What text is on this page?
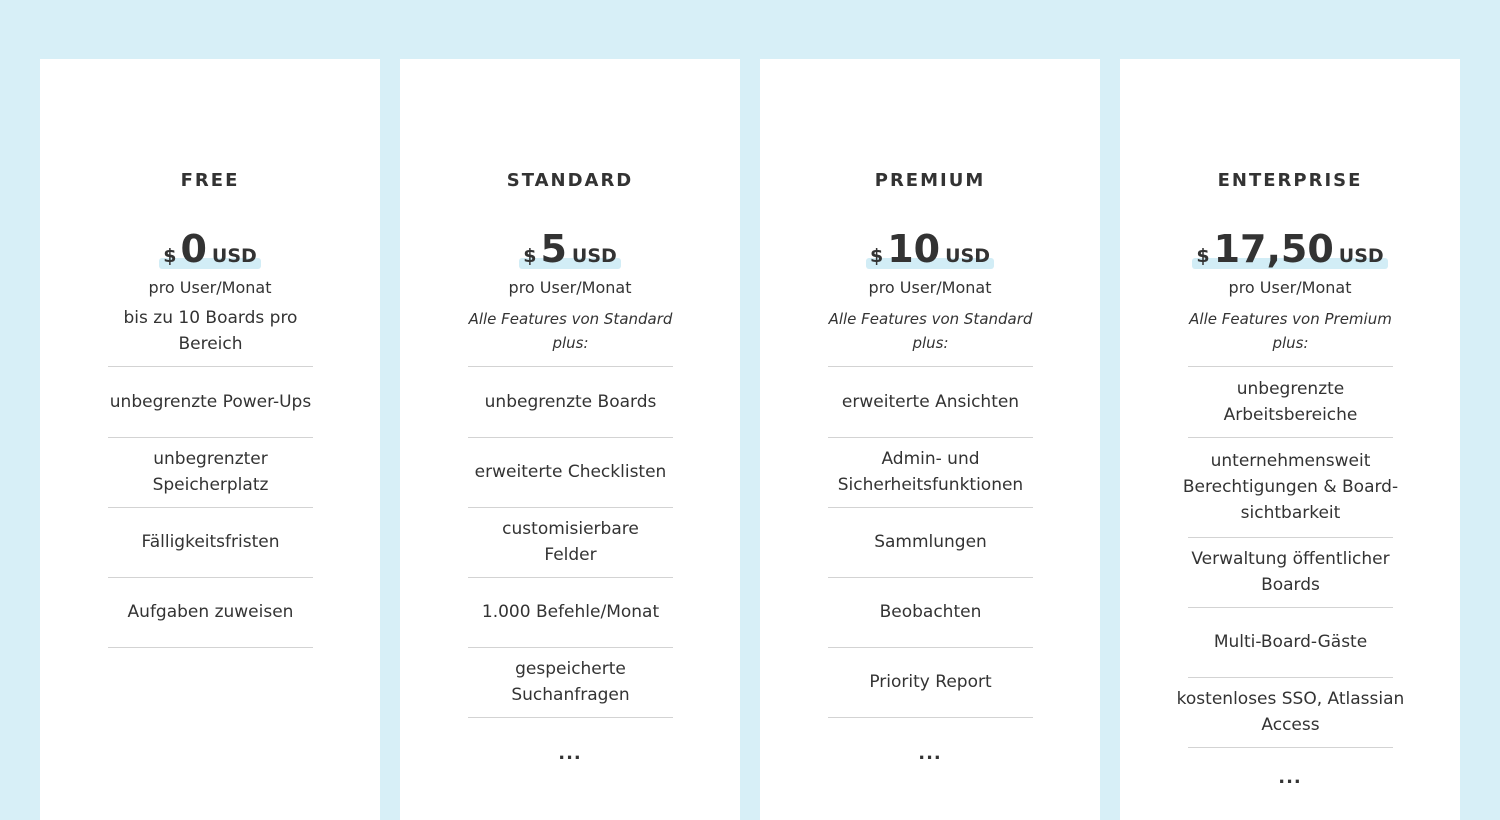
FREE
$ 0 USD
pro User/Monat
bis zu 10 Boards pro Bereich
unbegrenzte Power-Ups
unbegrenzter Speicherplatz
Fälligkeitsfristen
Aufgaben zuweisen
STANDARD
$ 5 USD
pro User/Monat
Alle Features von Standard plus:
unbegrenzte Boards
erweiterte Checklisten
customisierbare Felder
1.000 Befehle/Monat
gespeicherte Suchanfragen
...
PREMIUM
$ 10 USD
pro User/Monat
Alle Features von Standard plus:
erweiterte Ansichten
Admin- und Sicherheitsfunktionen
Sammlungen
Beobachten
Priority Report
...
ENTERPRISE
$ 17,50 USD
pro User/Monat
Alle Features von Premium plus:
unbegrenzte Arbeitsbereiche
unternehmensweit Berechtigungen & Board-sichtbarkeit
Verwaltung öffentlicher Boards
Multi-Board-Gäste
kostenloses SSO, Atlassian Access
...
